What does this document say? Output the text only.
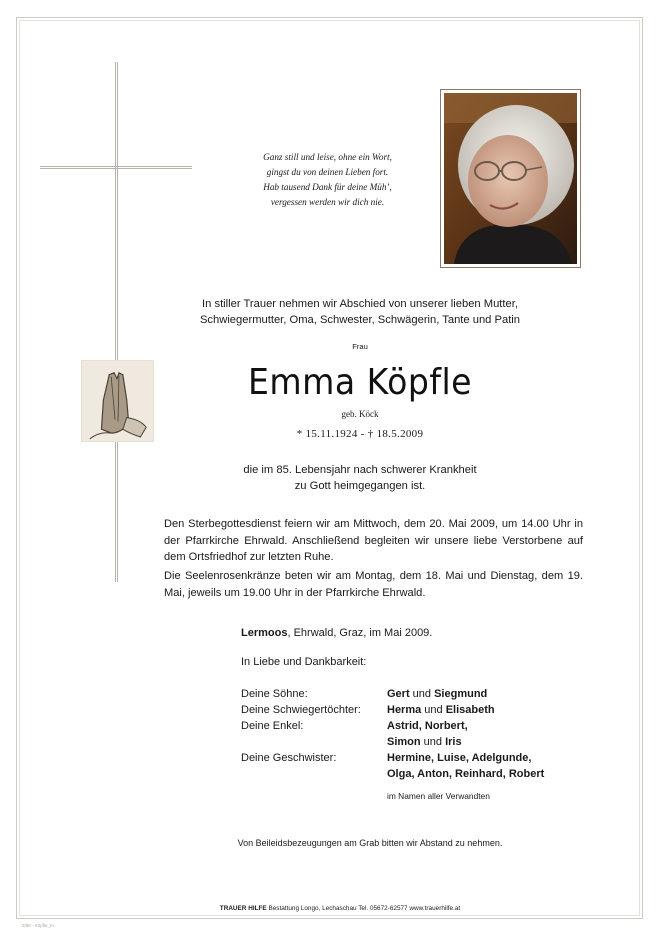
Ganz still und leise, ohne ein Wort,
gingst du von deinen Lieben fort.
Hab tausend Dank für deine Müh’,
vergessen werden wir dich nie.
In stiller Trauer nehmen wir Abschied von unserer lieben Mutter,
Schwiegermutter, Oma, Schwester, Schwägerin, Tante und Patin
Frau
Emma Köpfle
geb. Köck
* 15.11.1924 - † 18.5.2009
die im 85. Lebensjahr nach schwerer Krankheit
zu Gott heimgegangen ist.
Den Sterbegottesdienst feiern wir am Mittwoch, dem 20. Mai 2009, um 14.00 Uhr in der Pfarrkirche Ehrwald. Anschließend begleiten wir unsere liebe Verstorbene auf dem Ortsfriedhof zur letzten Ruhe.
Die Seelenrosenkränze beten wir am Montag, dem 18. Mai und Dienstag, dem 19. Mai, jeweils um 19.00 Uhr in der Pfarrkirche Ehrwald.
Lermoos, Ehrwald, Graz, im Mai 2009.
In Liebe und Dankbarkeit:
Deine Söhne:	Gert und Siegmund
Deine Schwiegertöchter:	Herma und Elisabeth
Deine Enkel:	Astrid, Norbert,
Simon und Iris
Deine Geschwister:	Hermine, Luise, Adelgunde,
Olga, Anton, Reinhard, Robert
im Namen aller Verwandten
Von Beileidsbezeugungen am Grab bitten wir Abstand zu nehmen.
TRAUER HILFE Bestattung Longo, Lechaschau Tel. 05672-62577 www.trauerhilfe.at
2/96 · Köpfle_m
